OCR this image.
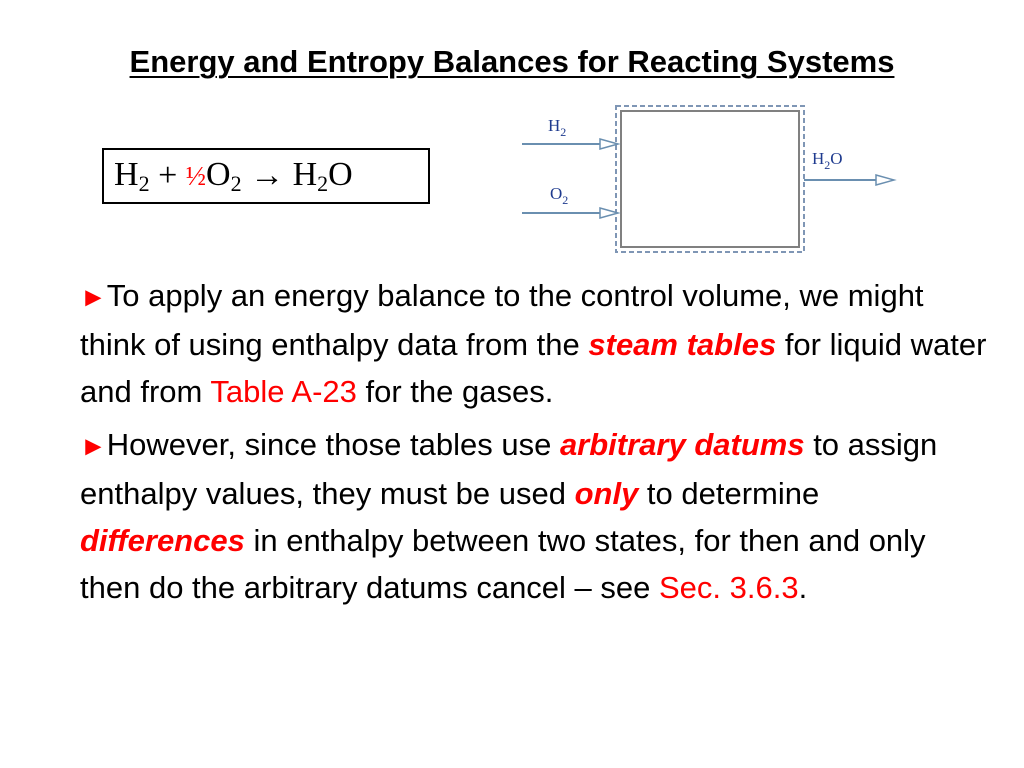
Energy and Entropy Balances for Reacting Systems
$H_2$ + ½ $O_2 \to H_2O$
$H_2$
$O_2$
$H_2O$

►To apply an energy balance to the control volume, we might think of using enthalpy data from the steam tables for liquid water and from Table A-23 for the gases.

►However, since those tables use arbitrary datums to assign enthalpy values, they must be used only to determine differences in enthalpy between two states, for then and only then do the arbitrary datums cancel – see Sec. 3.6.3.
